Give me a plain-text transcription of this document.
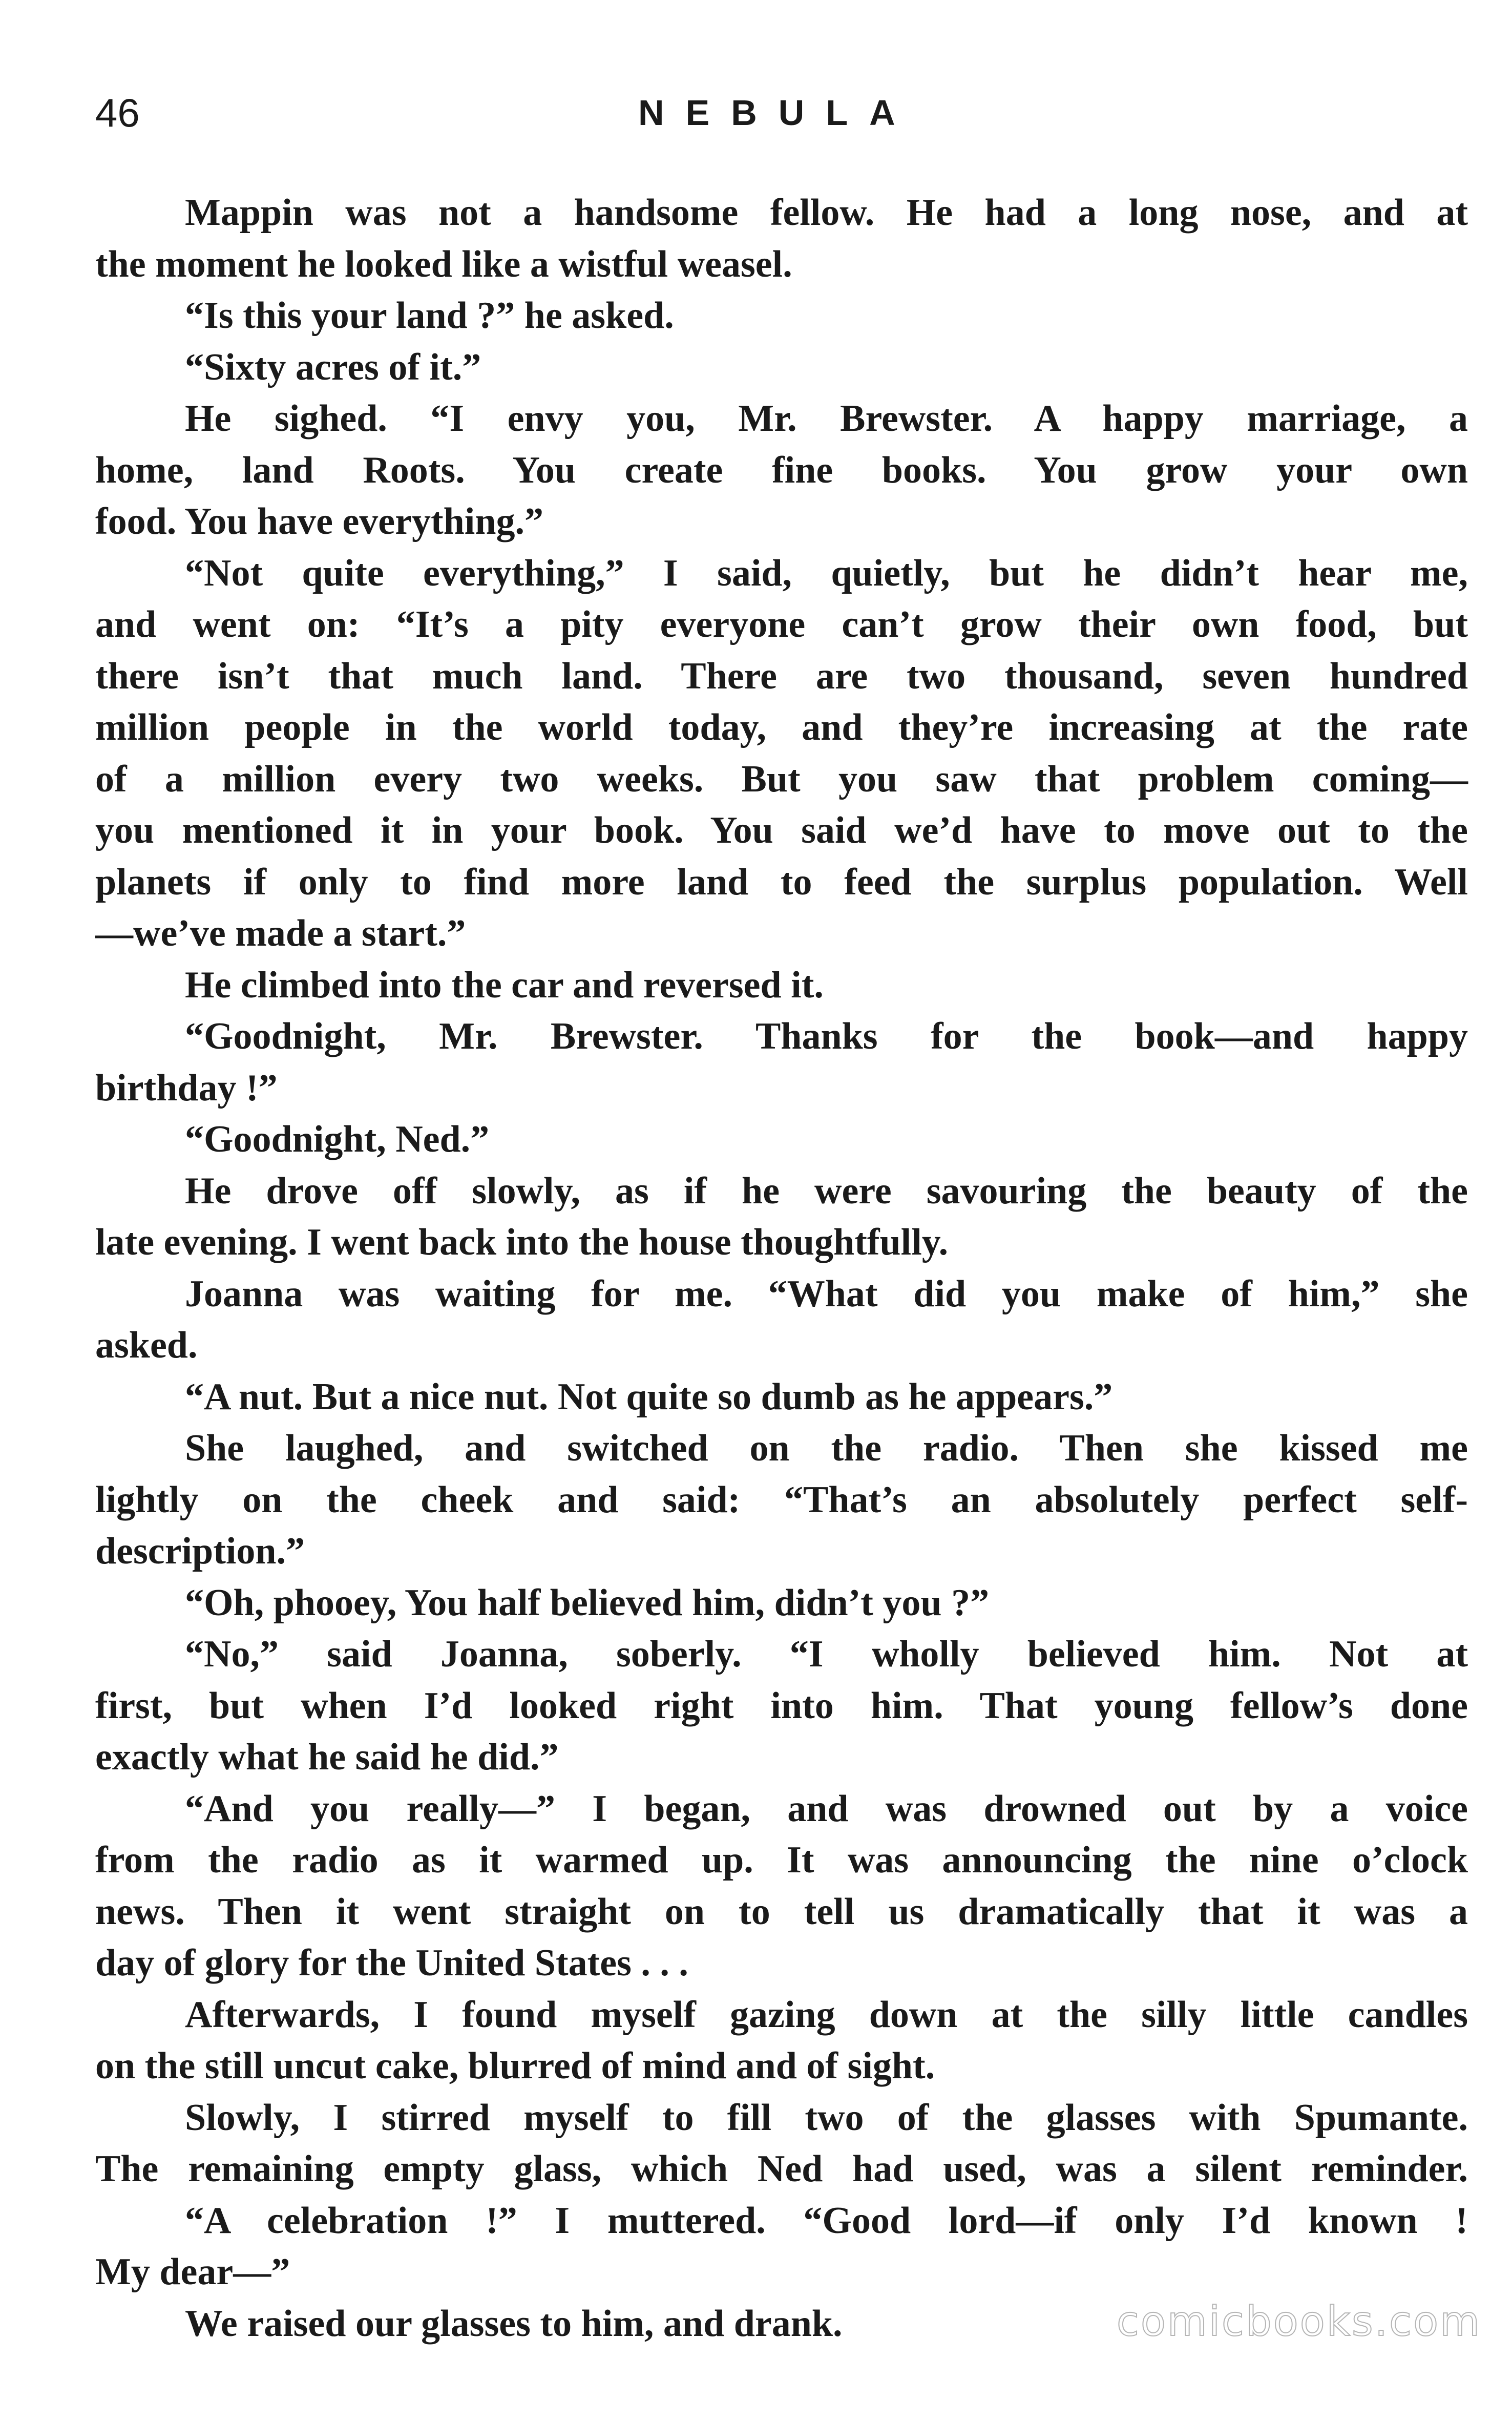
46	NEBULA
Mappin was not a handsome fellow. He had a long nose, and at
the moment he looked like a wistful weasel.
“Is this your land ?” he asked.
“Sixty acres of it.”
He sighed. “I envy you, Mr. Brewster. A happy marriage, a
home, land Roots. You create fine books. You grow your own
food. You have everything.”
“Not quite everything,” I said, quietly, but he didn’t hear me,
and went on: “It’s a pity everyone can’t grow their own food, but
there isn’t that much land. There are two thousand, seven hundred
million people in the world today, and they’re increasing at the rate
of a million every two weeks. But you saw that problem coming—
you mentioned it in your book. You said we’d have to move out to the
planets if only to find more land to feed the surplus population. Well
—we’ve made a start.”
He climbed into the car and reversed it.
“Goodnight, Mr. Brewster. Thanks for the book—and happy
birthday !”
“Goodnight, Ned.”
He drove off slowly, as if he were savouring the beauty of the
late evening. I went back into the house thoughtfully.
Joanna was waiting for me. “What did you make of him,” she
asked.
“A nut. But a nice nut. Not quite so dumb as he appears.”
She laughed, and switched on the radio. Then she kissed me
lightly on the cheek and said: “That’s an absolutely perfect self-
description.”
“Oh, phooey, You half believed him, didn’t you ?”
“No,” said Joanna, soberly. “I wholly believed him. Not at
first, but when I’d looked right into him. That young fellow’s done
exactly what he said he did.”
“And you really—” I began, and was drowned out by a voice
from the radio as it warmed up. It was announcing the nine o’clock
news. Then it went straight on to tell us dramatically that it was a
day of glory for the United States . . .
Afterwards, I found myself gazing down at the silly little candles
on the still uncut cake, blurred of mind and of sight.
Slowly, I stirred myself to fill two of the glasses with Spumante.
The remaining empty glass, which Ned had used, was a silent reminder.
“A celebration !” I muttered. “Good lord—if only I’d known !
My dear—”
We raised our glasses to him, and drank.	comicbooks.com
